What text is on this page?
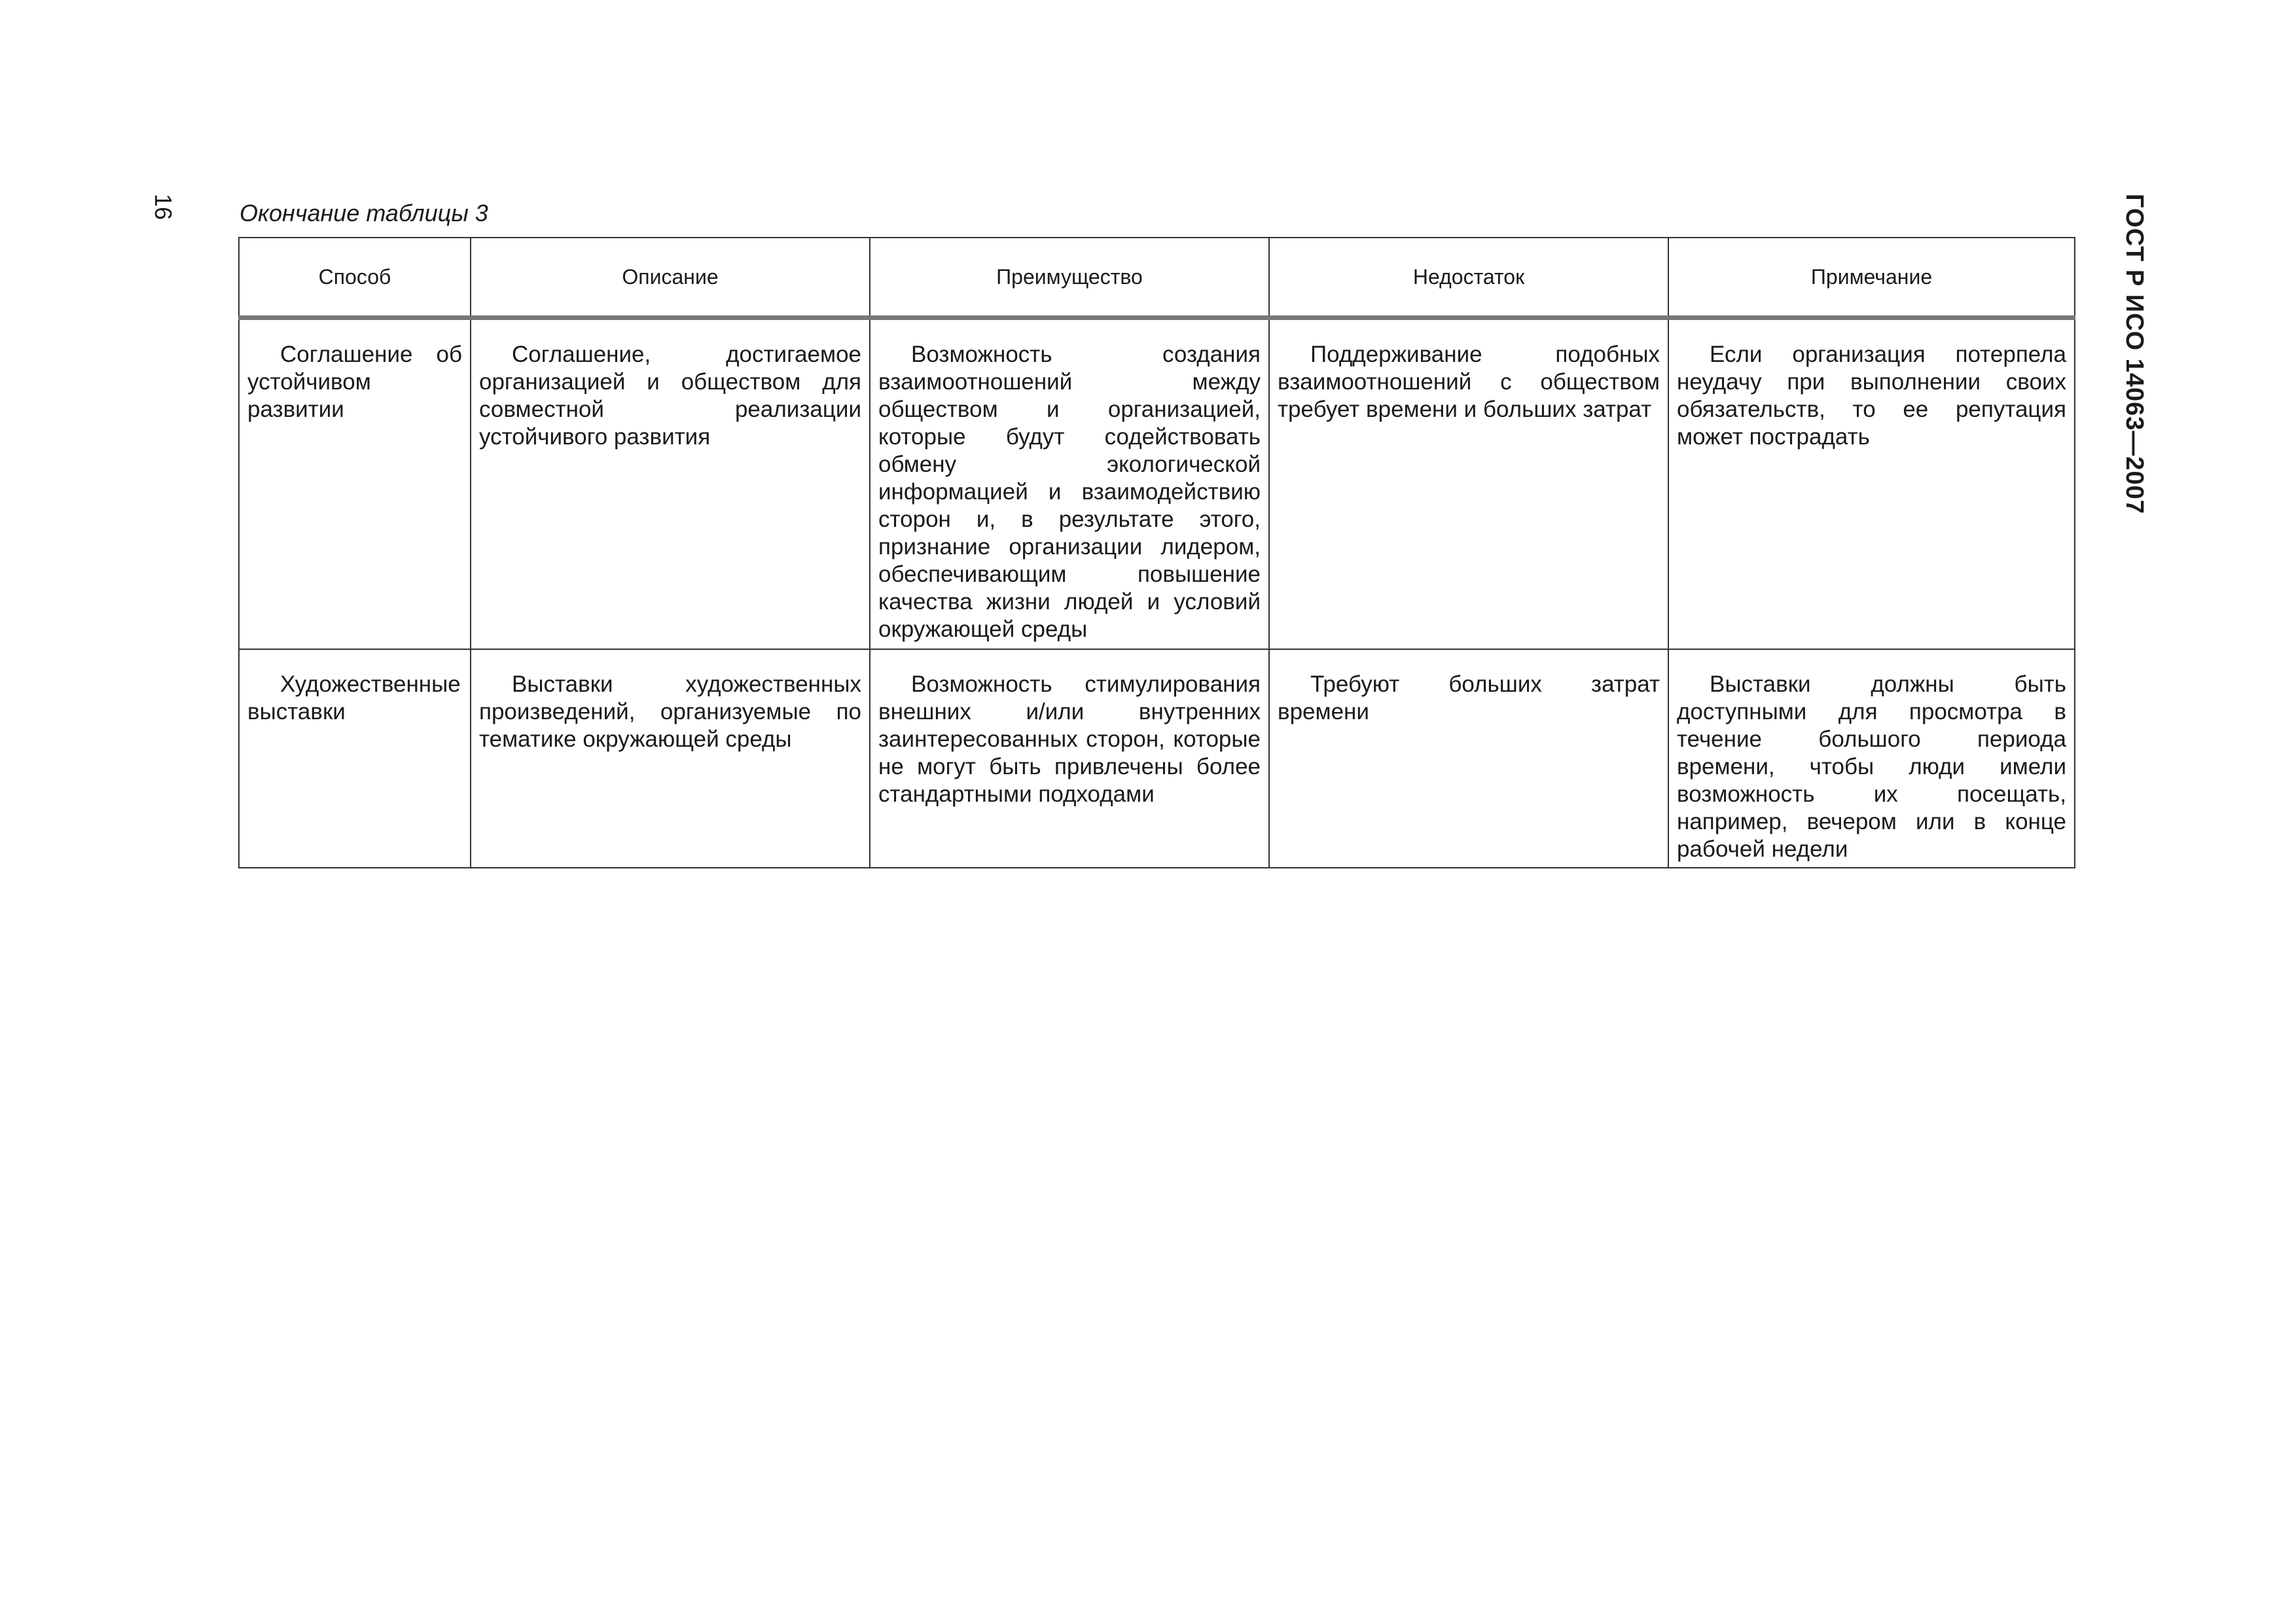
16	ГОСТ Р ИСО 14063—2007
Окончание таблицы 3
Способ	Описание	Преимущество	Недостаток	Примечание
Соглашение об устойчивом развитии	Соглашение, достигаемое организацией и обществом для совместной реализации устойчивого развития	Возможность создания взаимоотношений между обществом и организацией, которые будут содействовать обмену экологической информацией и взаимодействию сторон и, в результате этого, признание организации лидером, обеспечивающим повышение качества жизни людей и условий окружающей среды	Поддерживание подобных взаимоотношений с обществом требует времени и больших затрат	Если организация потерпела неудачу при выполнении своих обязательств, то ее репутация может пострадать
Художественные выставки	Выставки художественных произведений, организуемые по тематике окружающей среды	Возможность стимулирования внешних и/или внутренних заинтересованных сторон, которые не могут быть привлечены более стандартными подходами	Требуют больших затрат времени	Выставки должны быть доступными для просмотра в течение большого периода времени, чтобы люди имели возможность их посещать, например, вечером или в конце рабочей недели
